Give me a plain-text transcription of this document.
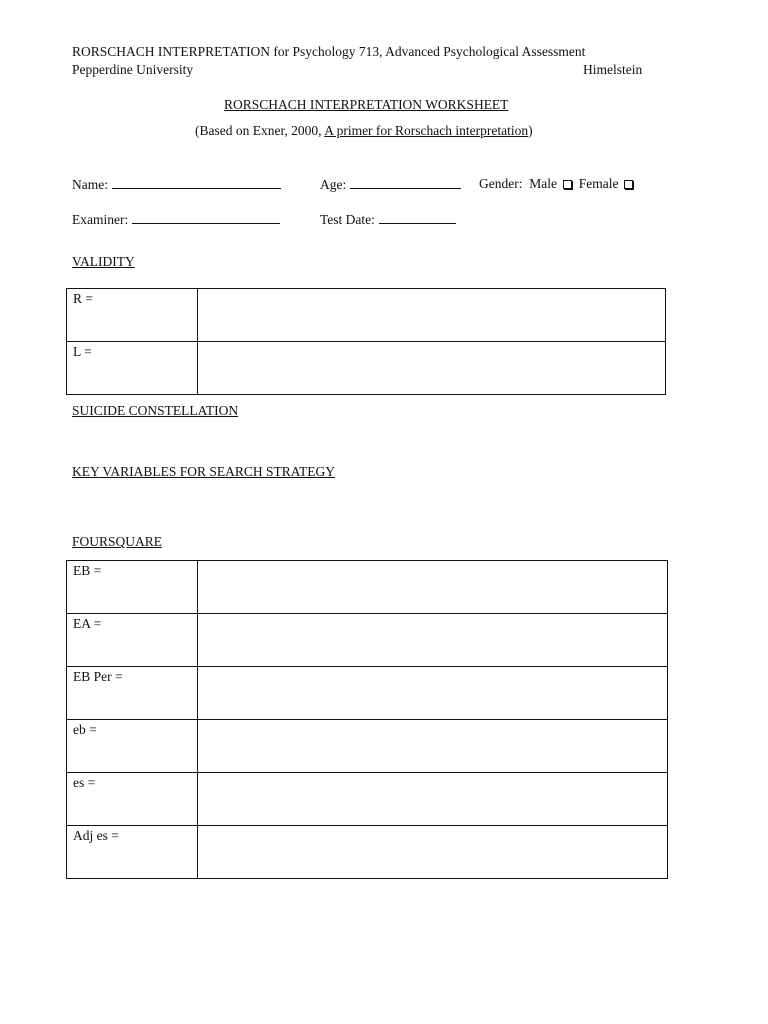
RORSCHACH INTERPRETATION for Psychology 713, Advanced Psychological Assessment
Pepperdine University	Himelstein
RORSCHACH INTERPRETATION WORKSHEET
(Based on Exner, 2000, A primer for Rorschach interpretation)
Name:	Age:	Gender: Male Female
Examiner:	Test Date:
VALIDITY
R =	
L =	
SUICIDE CONSTELLATION
KEY VARIABLES FOR SEARCH STRATEGY
FOURSQUARE
EB =	
EA =	
EB Per =	
eb =	
es =	
Adj es =	
